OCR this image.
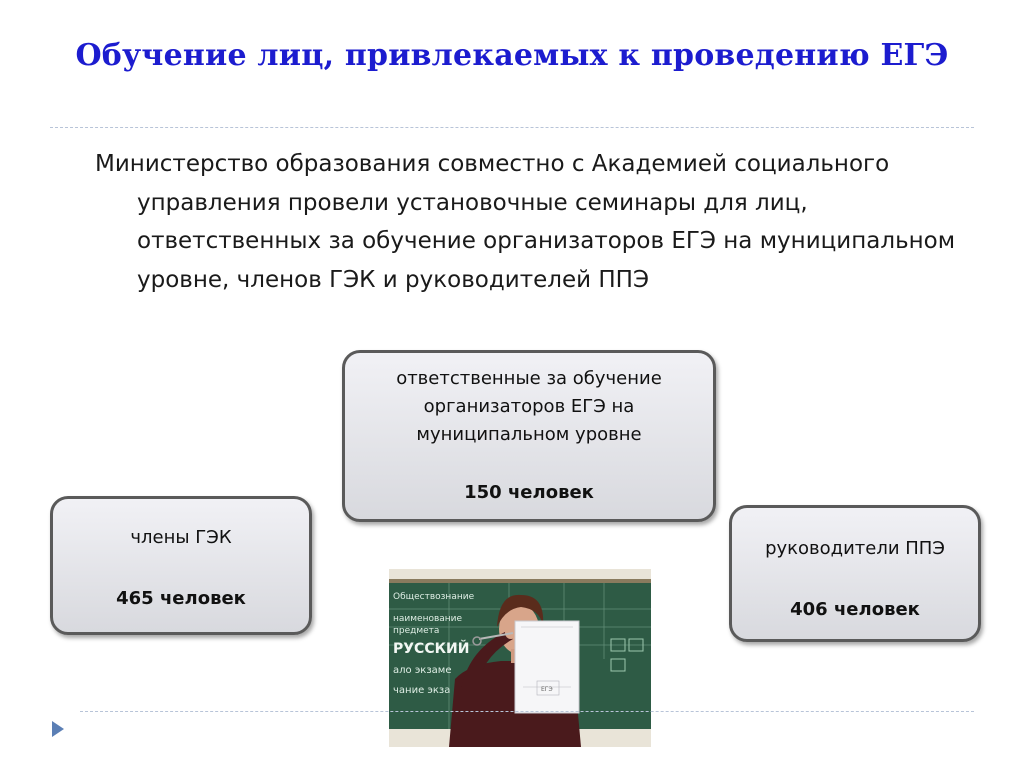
Обучение лиц, привлекаемых к проведению ЕГЭ

Министерство образования совместно с Академией социального управления провели установочные семинары для лиц, ответственных за обучение организаторов ЕГЭ на муниципальном уровне, членов ГЭК и руководителей ППЭ

ответственные за обучение организаторов ЕГЭ на муниципальном уровне
150 человек
члены ГЭК
465 человек
руководители ППЭ
406 человек
Обществознание
наименование
предмета
ало экзаме
чание экза
РУССКИЙ
ЕГЭ
